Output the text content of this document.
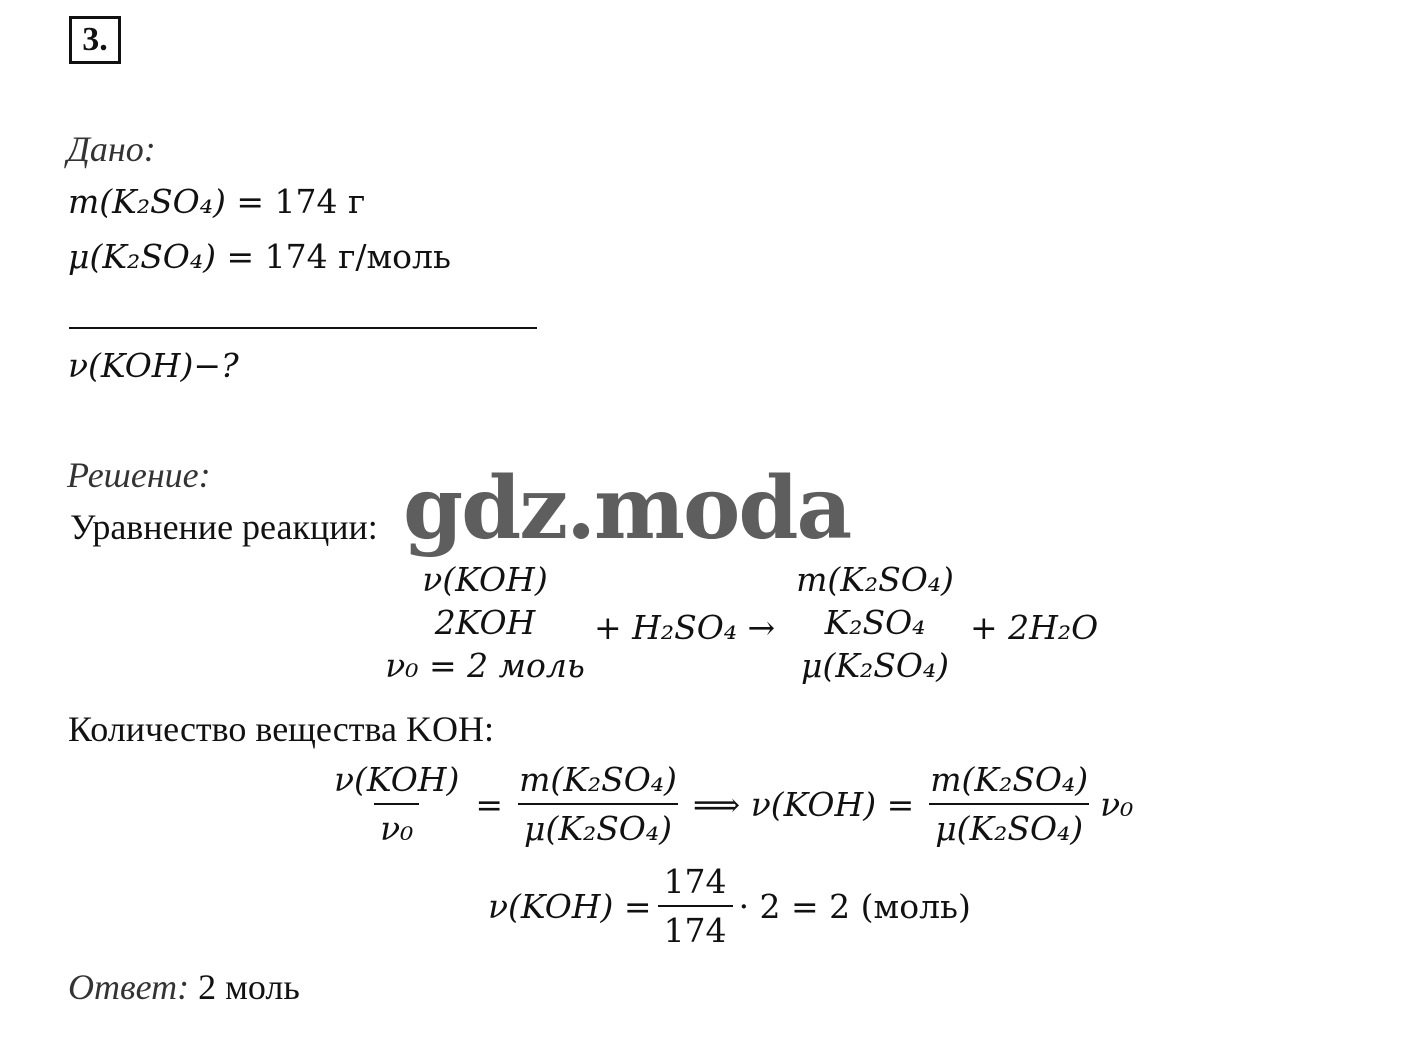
3.
Дано:
m(K₂SO₄) = 174 г
μ(K₂SO₄) = 174 г/моль
ν(KOH)−?
Решение:
Уравнение реакции:
ν(KOH)
2KOH
ν₀ = 2 моль
+ H₂SO₄ →
m(K₂SO₄)
K₂SO₄
μ(K₂SO₄)
+ 2H₂O
Количество вещества KOH:
$\frac{\text{ν(KOH)}}{\text{ν₀}} = \frac{\text{m(K₂SO₄)}}{\text{μ(K₂SO₄)}}$ ⟹ $\nu(KOH) = \frac{\text{m(K₂SO₄)}}{\text{μ(K₂SO₄)}} \nu_0$
$\nu(KOH) = \frac{174}{174} \cdot 2 = 2$ (моль)
Ответ: 2 моль
gdz.moda
